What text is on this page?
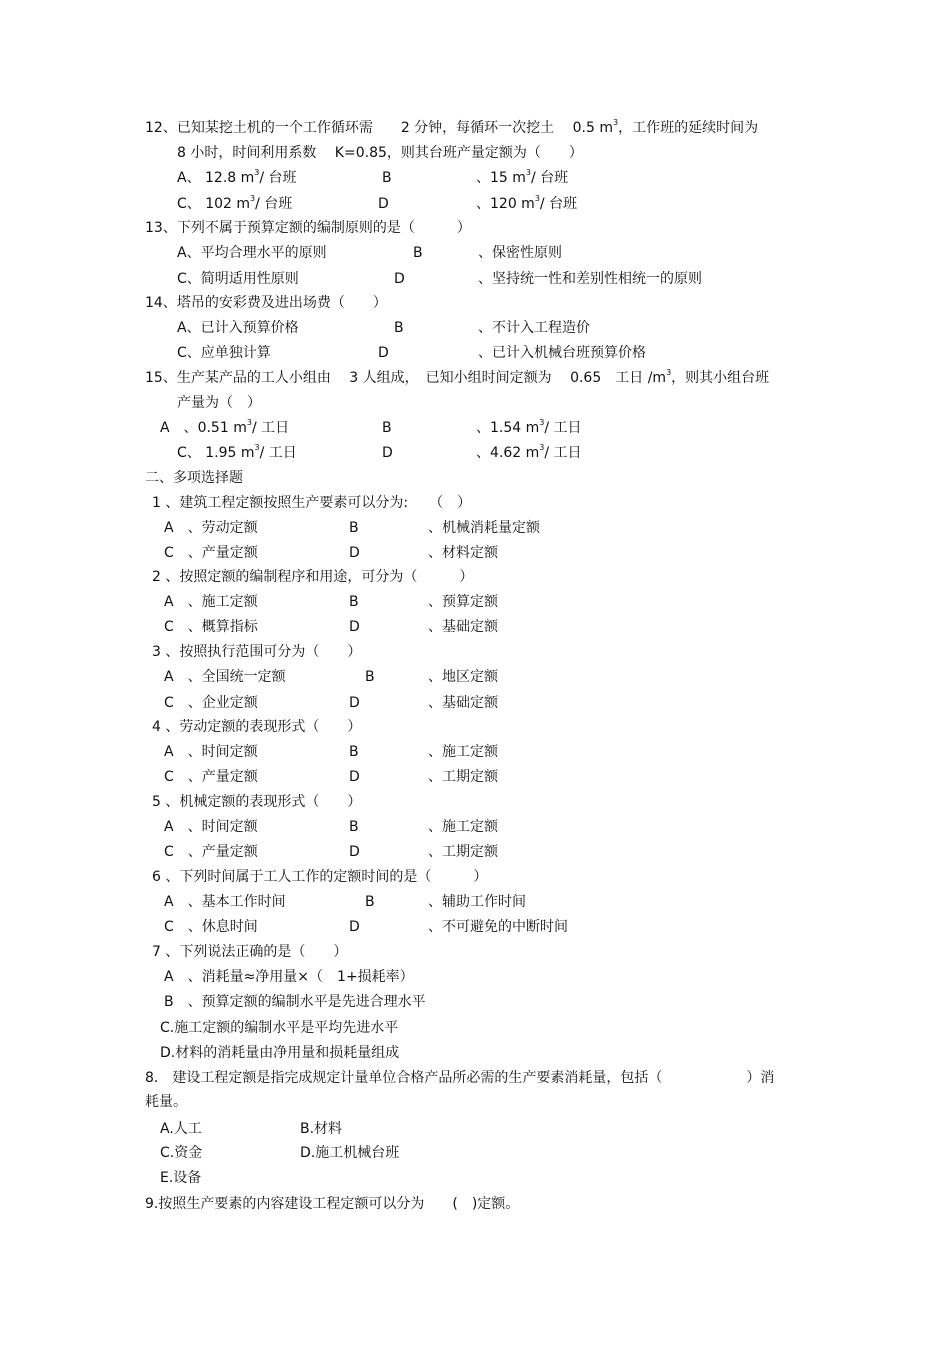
12、已知某挖土机的一个工作循环需　　2 分钟，每循环一次挖土　 0.5 $m^3$，工作班的延续时间为
8 小时，时间利用系数　 K=0.85，则其台班产量定额为（　　）
A、 12.8 $m^3/$ 台班	B	、15 $m^3/$ 台班
C、 102 $m^3/$ 台班	D	、120 $m^3/$ 台班
13、下列不属于预算定额的编制原则的是（　　　）
A、平均合理水平的原则	B	、保密性原则
C、简明适用性原则	D	、坚持统一性和差别性相统一的原则
14、塔吊的安彩费及进出场费（　　）
A、已计入预算价格	B	、不计入工程造价
C、应单独计算	D	、已计入机械台班预算价格
15、生产某产品的工人小组由　 3 人组成，　已知小组时间定额为　 0.65　工日 $/m^3$，则其小组台班
产量为（　）
A　、0.51 $m^3/$ 工日	B	、1.54 $m^3/$ 工日
C、 1.95 $m^3/$ 工日	D	、4.62 $m^3/$ 工日
二、多项选择题
1 、建筑工程定额按照生产要素可以分为:　　（　）
A　、劳动定额	B	、机械消耗量定额
C　、产量定额	D	、材料定额
2 、按照定额的编制程序和用途，可分为（　　　）
A　、施工定额	B	、预算定额
C　、概算指标	D	、基础定额
3 、按照执行范围可分为（　　）
A　、全国统一定额	B	、地区定额
C　、企业定额	D	、基础定额
4 、劳动定额的表现形式（　　）
A　、时间定额	B	、施工定额
C　、产量定额	D	、工期定额
5 、机械定额的表现形式（　　）
A　、时间定额	B	、施工定额
C　、产量定额	D	、工期定额
6 、下列时间属于工人工作的定额时间的是（　　　）
A　、基本工作时间	B	、辅助工作时间
C　、休息时间	D	、不可避免的中断时间
7 、下列说法正确的是（　　）
A　、消耗量≈净用量×（　1+损耗率）
B　、预算定额的编制水平是先进合理水平
C.施工定额的编制水平是平均先进水平
D.材料的消耗量由净用量和损耗量组成
8.　建设工程定额是指完成规定计量单位合格产品所必需的生产要素消耗量，包括（　　　　　　）消
耗量。
A.人工	B.材料
C.资金	D.施工机械台班
E.设备
9.按照生产要素的内容建设工程定额可以分为　　(　)定额。
